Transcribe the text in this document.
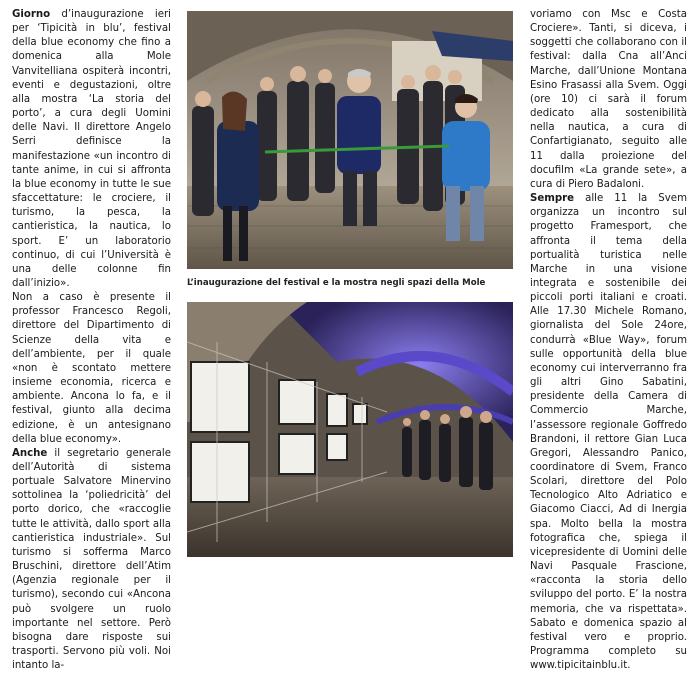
Giorno d’inaugurazione ieri per ‘Tipicità in blu’, festival della blue economy che fino a domenica alla Mole Vanvitelliana ospiterà incontri, eventi e degustazioni, oltre alla mostra ‘La storia del porto’, a cura degli Uomini delle Navi. Il direttore Angelo Serri definisce la manifestazione «un incontro di tante anime, in cui si affronta la blue economy in tutte le sue sfaccettature: le crociere, il turismo, la pesca, la cantieristica, la nautica, lo sport. E’ un laboratorio continuo, di cui l’Università è una delle colonne fin dall’inizio».

Non a caso è presente il professor Francesco Regoli, direttore del Dipartimento di Scienze della vita e dell’ambiente, per il quale «non è scontato mettere insieme economia, ricerca e ambiente. Ancona lo fa, e il festival, giunto alla decima edizione, è un antesignano della blue economy».

Anche il segretario generale dell’Autorità di sistema portuale Salvatore Minervino sottolinea la ‘poliedricità’ del porto dorico, che «raccoglie tutte le attività, dallo sport alla cantieristica industriale». Sul turismo si sofferma Marco Bruschini, direttore dell’Atim (Agenzia regionale per il turismo), secondo cui «Ancona può svolgere un ruolo importante nel settore. Però bisogna dare risposte sui trasporti. Servono più voli. Noi intanto la-

L’inaugurazione del festival e la mostra negli spazi della Mole

voriamo con Msc e Costa Crociere». Tanti, si diceva, i soggetti che collaborano con il festival: dalla Cna all’Anci Marche, dall’Unione Montana Esino Frasassi alla Svem. Oggi (ore 10) ci sarà il forum dedicato alla sostenibilità nella nautica, a cura di Confartigianato, seguito alle 11 dalla proiezione del docufilm «La grande sete», a cura di Piero Badaloni.

Sempre alle 11 la Svem organizza un incontro sul progetto Framesport, che affronta il tema della portualità turistica nelle Marche in una visione integrata e sostenibile dei piccoli porti italiani e croati. Alle 17.30 Michele Romano, giornalista del Sole 24ore, condurrà «Blue Way», forum sulle opportunità della blue economy cui interverranno fra gli altri Gino Sabatini, presidente della Camera di Commercio Marche, l’assessore regionale Goffredo Brandoni, il rettore Gian Luca Gregori, Alessandro Panico, coordinatore di Svem, Franco Scolari, direttore del Polo Tecnologico Alto Adriatico e Giacomo Ciacci, Ad di Inergia spa. Molto bella la mostra fotografica che, spiega il vicepresidente di Uomini delle Navi Pasquale Frascione, «racconta la storia dello sviluppo del porto. E’ la nostra memoria, che va rispettata». Sabato e domenica spazio al festival vero e proprio. Programma completo su www.tipicitainblu.it.
